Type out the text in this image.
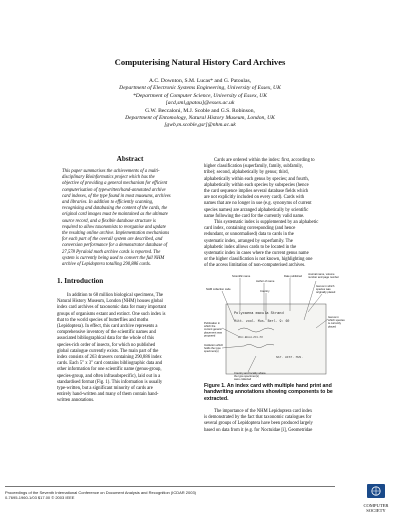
Computerising Natural History Card Archives
A.C. Downton, S.M. Lucas* and G. Patoulas,
Department of Electronic Systems Engineering, University of Essex, UK
*Department of Computer Science, University of Essex, UK
[acd,sml,gpatou]@essex.ac.uk
G.W. Beccaloni, M.J. Scoble and G.S. Robinson,
Department of Entomology, Natural History Museum, London, UK
[gwb,m.scoble,gsr]@nhm.ac.uk
Abstract
This paper summarises the achievements of a multi-
disciplinary Bioinformatics project which has the
objective of providing a general mechanism for efficient
computerisation of typewritten/hand-annotated archive
card indexes, of the type found in most museums, archives
and libraries. In addition to efficiently scanning,
recognising and databasing the content of the cards, the
original card images must be maintained as the ultimate
source record, and a flexible database structure is
required to allow taxonomists to reorganise and update
the resulting online archive. Implementation mechanisms
for each part of the overall system are described, and
conversion performance for a demonstrator database of
27,578 Pyraloid moth archive cards is reported. The
system is currently being used to convert the full NHM
archive of Lepidoptera totalling 290,886 cards.
1. Introduction
In addition to 68 million biological specimens, The
Natural History Museum, London (NHM) houses global
index card archives of taxonomic data for many important
groups of organisms extant and extinct. One such index is
that to the world species of butterflies and moths
(Lepidoptera). In effect, this card archive represents a
comprehensive inventory of the scientific names and
associated bibliographical data for the whole of this
species-rich order of insects, for which no published
global catalogue currently exists. The main part of the
index consists of 263 drawers containing 290,886 index
cards. Each 5" x 3" card contains bibliographic data and
other information for one scientific name (genus-group,
species-group, and often infrasubspecific), laid out in a
standardised format (Fig. 1). This information is usually
type-written, but a significant minority of cards are
entirely hand-written and many of them contain hand-
written annotations.
Cards are ordered within the index: first, according to
higher classification (superfamily, family, subfamily,
tribe); second, alphabetically by genus; third,
alphabetically within each genus by species; and fourth,
alphabetically within each species by subspecies (hence
the card sequence implies several database fields which
are not explicitly included on every card). Cards with
names that are no longer in use (e.g. synonyms of current
species names) are arranged alphabetically by scientific
name following the card for the currently valid name.
This systematic index is supplemented by an alphabetic
card index, containing corresponding (and hence
redundant, or unnormalised) data to cards in the
systematic index, arranged by superfamily. The
alphabetic index allows cards to be located in the
systematic index in cases where the current genus name
or the higher classification is not known, highlighting one
of the access limitation of non-computerised archives.
Scientific name
Author of name
Date published
Journal name, volume number and page number
NHM collection code
Country
Genus in which species was originally placed
Genus in which species is currently placed
Publication in which the current generic placement was proposed
Institution which holds the type specimen(s)
Country and locality where the type specimen(s) were collected
Polycaena macula Strand
Mitt. zool. Mus. Berl. 9: 60
Hor. Rossi. Pet. 30
NAT. HIST. MUS.
Figure 1. An index card with multiple hand print and
handwriting annotations showing components to be
extracted.
The importance of the NHM Lepidoptera card index
is demonstrated by the fact that taxonomic catalogues for
several groups of Lepidoptera have been produced largely
based on data from it (e.g. for Noctuidae [i], Geometridae
Proceedings of the Seventh International Conference on Document Analysis and Recognition (ICDAR 2003)
0-7695-1960-1/03 $17.00 © 2003 IEEE
COMPUTER
SOCIETY
